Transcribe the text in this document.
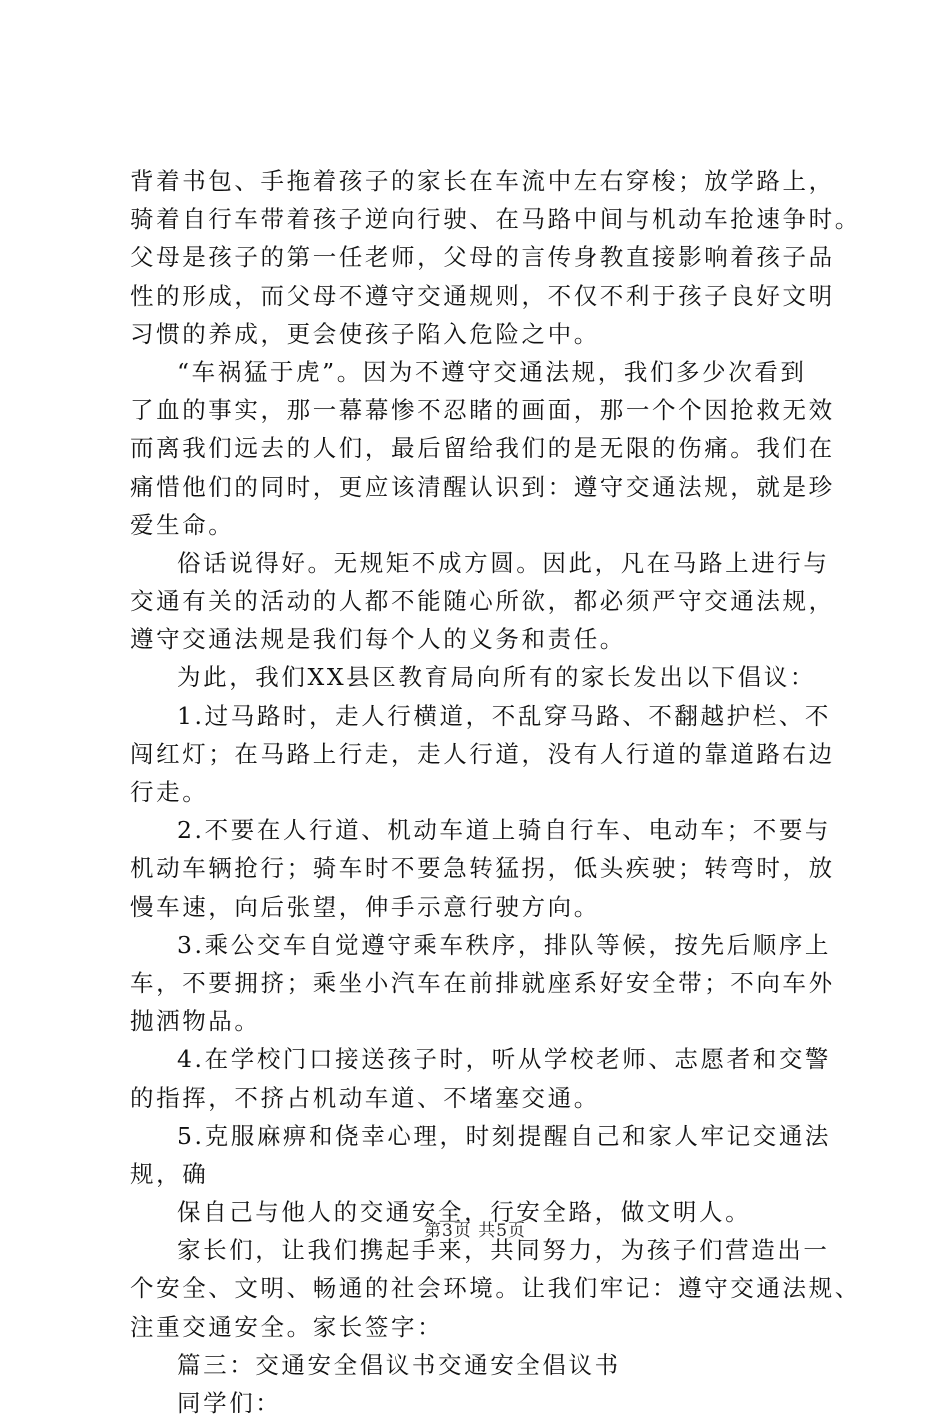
背着书包、手拖着孩子的家长在车流中左右穿梭；放学路上，
骑着自行车带着孩子逆向行驶、在马路中间与机动车抢速争时。
父母是孩子的第一任老师，父母的言传身教直接影响着孩子品
性的形成，而父母不遵守交通规则，不仅不利于孩子良好文明
习惯的养成，更会使孩子陷入危险之中。
“车祸猛于虎”。因为不遵守交通法规，我们多少次看到
了血的事实，那一幕幕惨不忍睹的画面，那一个个因抢救无效
而离我们远去的人们，最后留给我们的是无限的伤痛。我们在
痛惜他们的同时，更应该清醒认识到：遵守交通法规，就是珍
爱生命。
俗话说得好。无规矩不成方圆。因此，凡在马路上进行与
交通有关的活动的人都不能随心所欲，都必须严守交通法规，
遵守交通法规是我们每个人的义务和责任。
为此，我们XX县区教育局向所有的家长发出以下倡议：
1.过马路时，走人行横道，不乱穿马路、不翻越护栏、不
闯红灯；在马路上行走，走人行道，没有人行道的靠道路右边
行走。
2.不要在人行道、机动车道上骑自行车、电动车；不要与
机动车辆抢行；骑车时不要急转猛拐，低头疾驶；转弯时，放
慢车速，向后张望，伸手示意行驶方向。
3.乘公交车自觉遵守乘车秩序，排队等候，按先后顺序上
车，不要拥挤；乘坐小汽车在前排就座系好安全带；不向车外
抛洒物品。
4.在学校门口接送孩子时，听从学校老师、志愿者和交警
的指挥，不挤占机动车道、不堵塞交通。
5.克服麻痹和侥幸心理，时刻提醒自己和家人牢记交通法
规，确
保自己与他人的交通安全，行安全路，做文明人。
家长们，让我们携起手来，共同努力，为孩子们营造出一
个安全、文明、畅通的社会环境。让我们牢记：遵守交通法规、
注重交通安全。家长签字：
篇三：交通安全倡议书交通安全倡议书
同学们：
第3页 共5页
